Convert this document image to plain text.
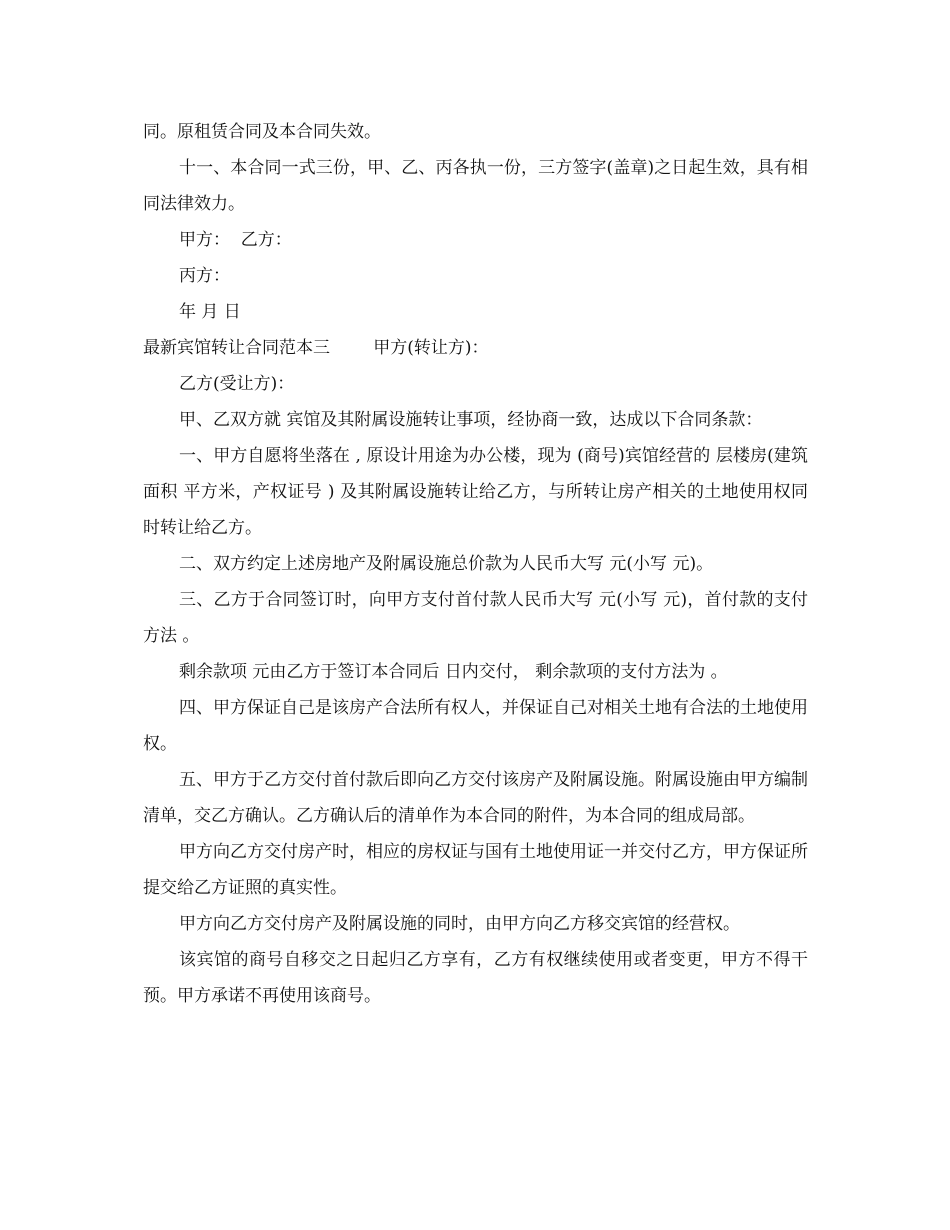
同。原租赁合同及本合同失效。

十一、本合同一式三份，甲、乙、丙各执一份，三方签字(盖章)之日起生效，具有相同法律效力。

甲方：  乙方：

丙方：

年 月 日

最新宾馆转让合同范本三        甲方(转让方)：

乙方(受让方)：

甲、乙双方就 宾馆及其附属设施转让事项，经协商一致，达成以下合同条款：

一、甲方自愿将坐落在 , 原设计用途为办公楼，现为 (商号)宾馆经营的 层楼房(建筑面积 平方米，产权证号 ) 及其附属设施转让给乙方，与所转让房产相关的土地使用权同时转让给乙方。

二、双方约定上述房地产及附属设施总价款为人民币大写 元(小写 元)。

三、乙方于合同签订时，向甲方支付首付款人民币大写 元(小写 元)，首付款的支付方法 。

剩余款项 元由乙方于签订本合同后 日内交付， 剩余款项的支付方法为 。

四、甲方保证自己是该房产合法所有权人，并保证自己对相关土地有合法的土地使用权。

五、甲方于乙方交付首付款后即向乙方交付该房产及附属设施。附属设施由甲方编制清单，交乙方确认。乙方确认后的清单作为本合同的附件，为本合同的组成局部。

甲方向乙方交付房产时，相应的房权证与国有土地使用证一并交付乙方，甲方保证所提交给乙方证照的真实性。

甲方向乙方交付房产及附属设施的同时，由甲方向乙方移交宾馆的经营权。

该宾馆的商号自移交之日起归乙方享有，乙方有权继续使用或者变更，甲方不得干预。甲方承诺不再使用该商号。
